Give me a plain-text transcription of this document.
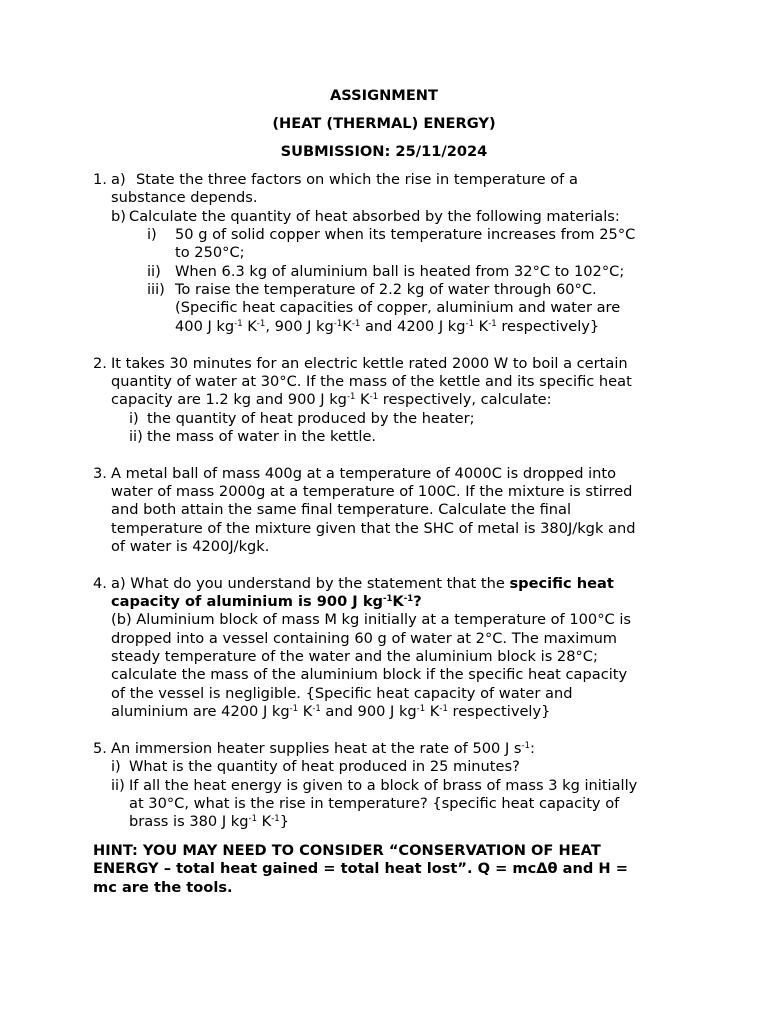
ASSIGNMENT
(HEAT (THERMAL) ENERGY)
SUBMISSION: 25/11/2024
1. a) State the three factors on which the rise in temperature of a
substance depends.
b) Calculate the quantity of heat absorbed by the following materials:
i) 50 g of solid copper when its temperature increases from 25°C
to 250°C;
ii) When 6.3 kg of aluminium ball is heated from 32°C to 102°C;
iii) To raise the temperature of 2.2 kg of water through 60°C.
(Specific heat capacities of copper, aluminium and water are
400 J $kg^{-1}$ $K^{-1}$, 900 J $kg^{-1}K^{-1}$ and 4200 J $kg^{-1}$ $K^{-1}$ respectively}
2. It takes 30 minutes for an electric kettle rated 2000 W to boil a certain
quantity of water at 30°C. If the mass of the kettle and its specific heat
capacity are 1.2 kg and 900 J $kg^{-1}$ $K^{-1}$ respectively, calculate:
i) the quantity of heat produced by the heater;
ii) the mass of water in the kettle.
3. A metal ball of mass 400g at a temperature of 4000C is dropped into
water of mass 2000g at a temperature of 100C. If the mixture is stirred
and both attain the same final temperature. Calculate the final
temperature of the mixture given that the SHC of metal is 380J/kgk and
of water is 4200J/kgk.
4. a) What do you understand by the statement that the specific heat
capacity of aluminium is 900 J $kg^{-1}K^{-1}$?
(b) Aluminium block of mass M kg initially at a temperature of 100°C is
dropped into a vessel containing 60 g of water at 2°C. The maximum
steady temperature of the water and the aluminium block is 28°C;
calculate the mass of the aluminium block if the specific heat capacity
of the vessel is negligible. {Specific heat capacity of water and
aluminium are 4200 J $kg^{-1}$ $K^{-1}$ and 900 J $kg^{-1}$ $K^{-1}$ respectively}
5. An immersion heater supplies heat at the rate of 500 J $s^{-1}$:
i) What is the quantity of heat produced in 25 minutes?
ii) If all the heat energy is given to a block of brass of mass 3 kg initially
at 30°C, what is the rise in temperature? {specific heat capacity of
brass is 380 J $kg^{-1}$ $K^{-1}$}
HINT: YOU MAY NEED TO CONSIDER “CONSERVATION OF HEAT
ENERGY – total heat gained = total heat lost”. Q = mcΔθ and H =
mc are the tools.
